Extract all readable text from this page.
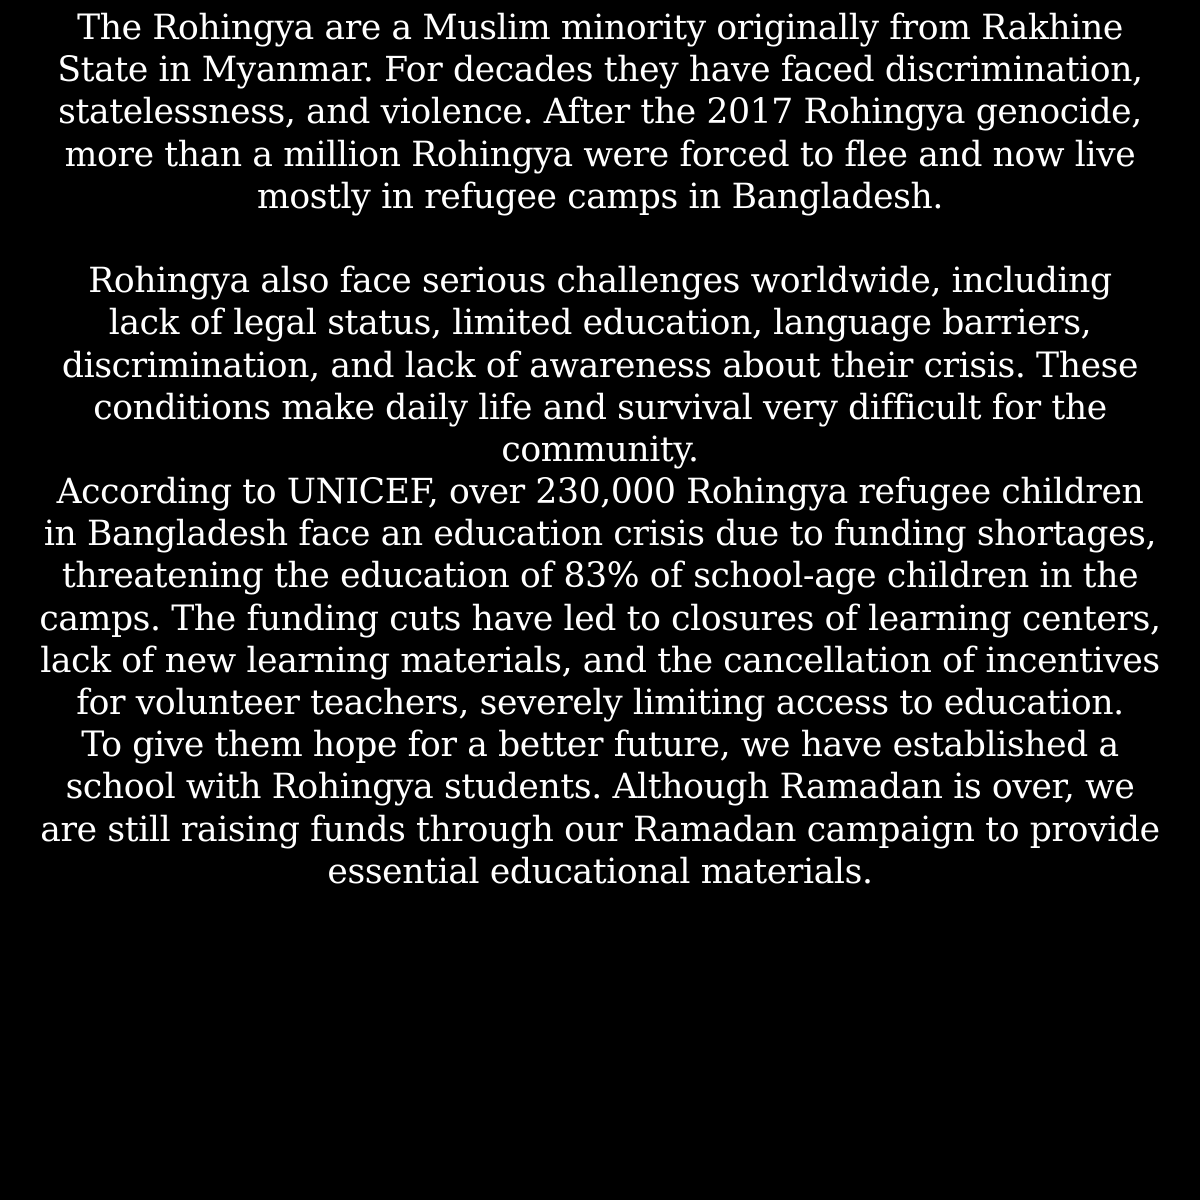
The Rohingya are a Muslim minority originally from Rakhine
State in Myanmar. For decades they have faced discrimination,
statelessness, and violence. After the 2017 Rohingya genocide,
more than a million Rohingya were forced to flee and now live
mostly in refugee camps in Bangladesh.
Rohingya also face serious challenges worldwide, including
lack of legal status, limited education, language barriers,
discrimination, and lack of awareness about their crisis. These
conditions make daily life and survival very difficult for the
community.
According to UNICEF, over 230,000 Rohingya refugee children
in Bangladesh face an education crisis due to funding shortages,
threatening the education of 83% of school-age children in the
camps. The funding cuts have led to closures of learning centers,
lack of new learning materials, and the cancellation of incentives
for volunteer teachers, severely limiting access to education.
To give them hope for a better future, we have established a
school with Rohingya students. Although Ramadan is over, we
are still raising funds through our Ramadan campaign to provide
essential educational materials.
